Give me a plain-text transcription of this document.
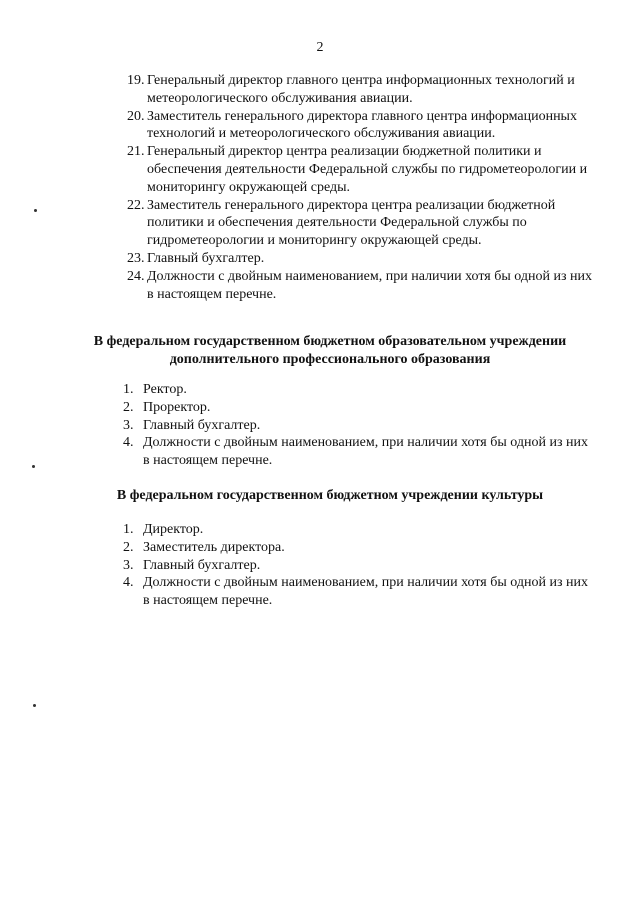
2
19. Генеральный директор главного центра информационных технологий и метеорологического обслуживания авиации.
20. Заместитель генерального директора главного центра информационных технологий и метеорологического обслуживания авиации.
21. Генеральный директор центра реализации бюджетной политики и обеспечения деятельности Федеральной службы по гидрометеорологии и мониторингу окружающей среды.
22. Заместитель генерального директора центра реализации бюджетной политики и обеспечения деятельности Федеральной службы по гидрометеорологии и мониторингу окружающей среды.
23. Главный бухгалтер.
24. Должности с двойным наименованием, при наличии хотя бы одной из них в настоящем перечне.
В федеральном государственном бюджетном образовательном учреждении дополнительного профессионального образования
1. Ректор.
2. Проректор.
3. Главный бухгалтер.
4. Должности с двойным наименованием, при наличии хотя бы одной из них в настоящем перечне.
В федеральном государственном бюджетном учреждении культуры
1. Директор.
2. Заместитель директора.
3. Главный бухгалтер.
4. Должности с двойным наименованием, при наличии хотя бы одной из них в настоящем перечне.
